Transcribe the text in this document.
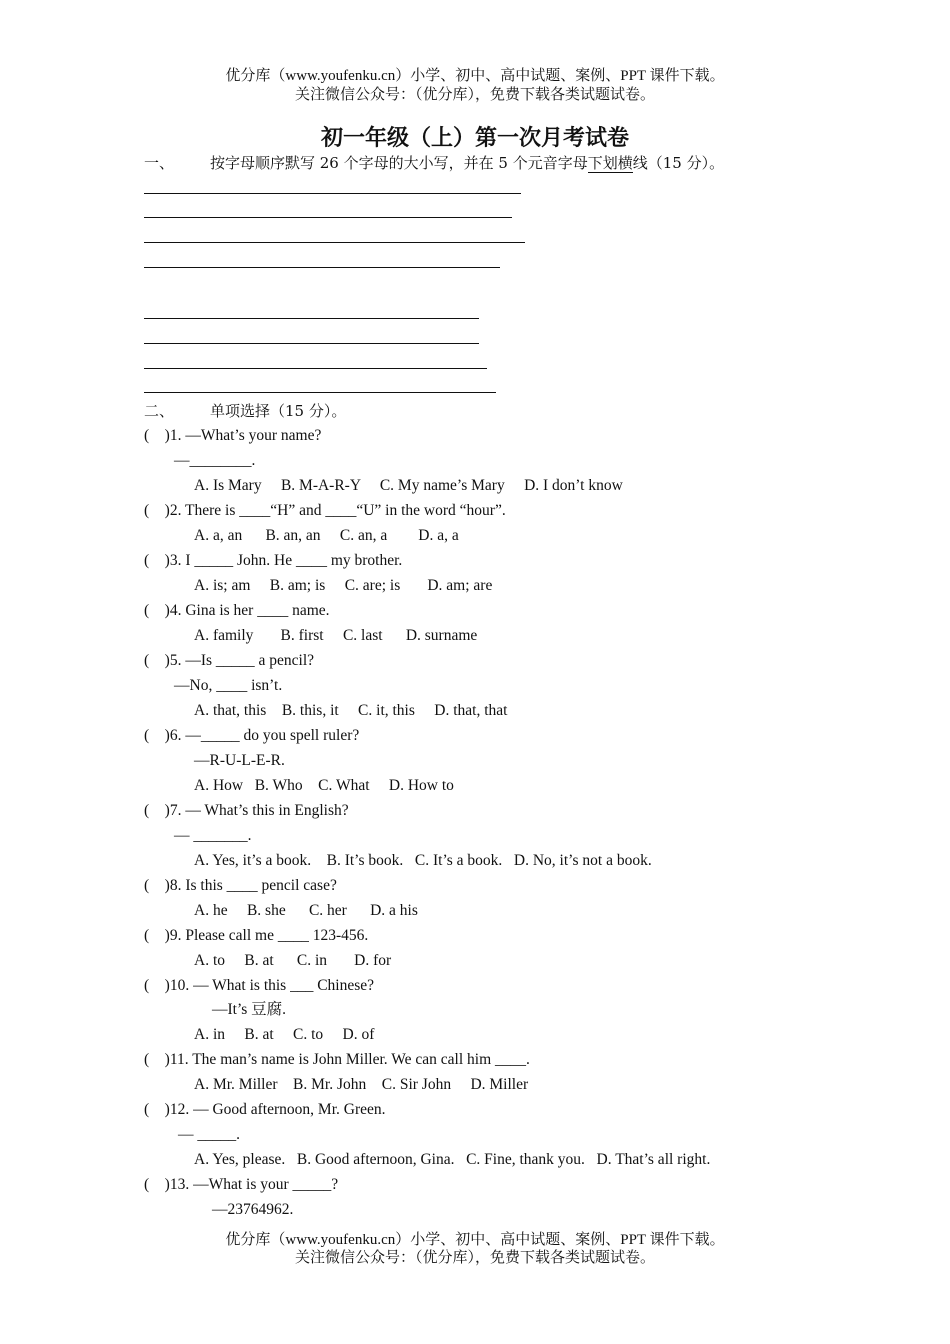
优分库（www.youfenku.cn）小学、初中、高中试题、案例、PPT 课件下载。
关注微信公众号：（优分库），免费下载各类试题试卷。
初一年级（上）第一次月考试卷
一、 按字母顺序默写 26 个字母的大小写，并在 5 个元音字母下划横线（15 分）。
二、 单项选择（15 分）。
(    )1. —What’s your name?
—________.
A. Is Mary     B. M-A-R-Y     C. My name’s Mary     D. I don’t know
(    )2. There is ____“H” and ____“U” in the word “hour”.
A. a, an      B. an, an     C. an, a        D. a, a
(    )3. I _____ John. He ____ my brother.
A. is; am     B. am; is     C. are; is       D. am; are
(    )4. Gina is her ____ name.
A. family       B. first     C. last      D. surname
(    )5. —Is _____ a pencil?
—No, ____ isn’t.
A. that, this    B. this, it     C. it, this     D. that, that
(    )6. —_____ do you spell ruler?
—R-U-L-E-R.
A. How   B. Who    C. What     D. How to
(    )7. — What’s this in English?
— _______.
A. Yes, it’s a book.    B. It’s book.   C. It’s a book.   D. No, it’s not a book.
(    )8. Is this ____ pencil case?
A. he     B. she      C. her      D. a his
(    )9. Please call me ____ 123-456.
A. to     B. at      C. in       D. for
(    )10. — What is this ___ Chinese?
—It’s 豆腐.
A. in     B. at     C. to     D. of
(    )11. The man’s name is John Miller. We can call him ____.
A. Mr. Miller    B. Mr. John    C. Sir John     D. Miller
(    )12. — Good afternoon, Mr. Green.
— _____.
A. Yes, please.   B. Good afternoon, Gina.   C. Fine, thank you.   D. That’s all right.
(    )13. —What is your _____?
—23764962.
优分库（www.youfenku.cn）小学、初中、高中试题、案例、PPT 课件下载。
关注微信公众号：（优分库），免费下载各类试题试卷。
